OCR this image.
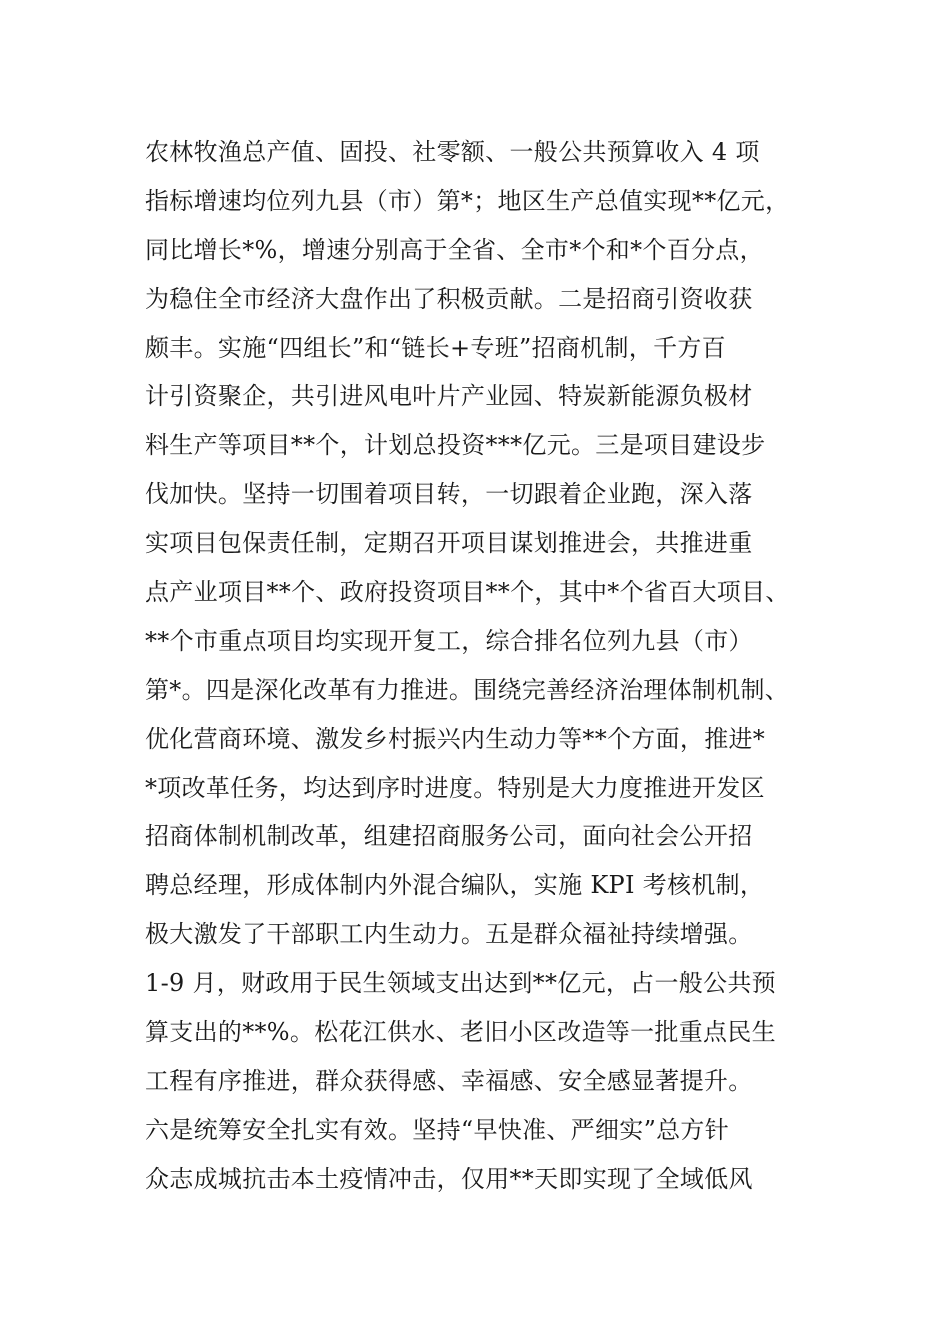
农林牧渔总产值、固投、社零额、一般公共预算收入 4 项
指标增速均位列九县（市）第*；地区生产总值实现**亿元，
同比增长*%，增速分别高于全省、全市*个和*个百分点，
为稳住全市经济大盘作出了积极贡献。二是招商引资收获
颇丰。实施“四组长”和“链长+专班”招商机制，千方百
计引资聚企，共引进风电叶片产业园、特炭新能源负极材
料生产等项目**个，计划总投资***亿元。三是项目建设步
伐加快。坚持一切围着项目转，一切跟着企业跑，深入落
实项目包保责任制，定期召开项目谋划推进会，共推进重
点产业项目**个、政府投资项目**个，其中*个省百大项目、
**个市重点项目均实现开复工，综合排名位列九县（市）
第*。四是深化改革有力推进。围绕完善经济治理体制机制、
优化营商环境、激发乡村振兴内生动力等**个方面，推进*
*项改革任务，均达到序时进度。特别是大力度推进开发区
招商体制机制改革，组建招商服务公司，面向社会公开招
聘总经理，形成体制内外混合编队，实施 KPI 考核机制，
极大激发了干部职工内生动力。五是群众福祉持续增强。
1-9 月，财政用于民生领域支出达到**亿元，占一般公共预
算支出的**%。松花江供水、老旧小区改造等一批重点民生
工程有序推进，群众获得感、幸福感、安全感显著提升。
六是统筹安全扎实有效。坚持“早快准、严细实”总方针
众志成城抗击本土疫情冲击，仅用**天即实现了全域低风
